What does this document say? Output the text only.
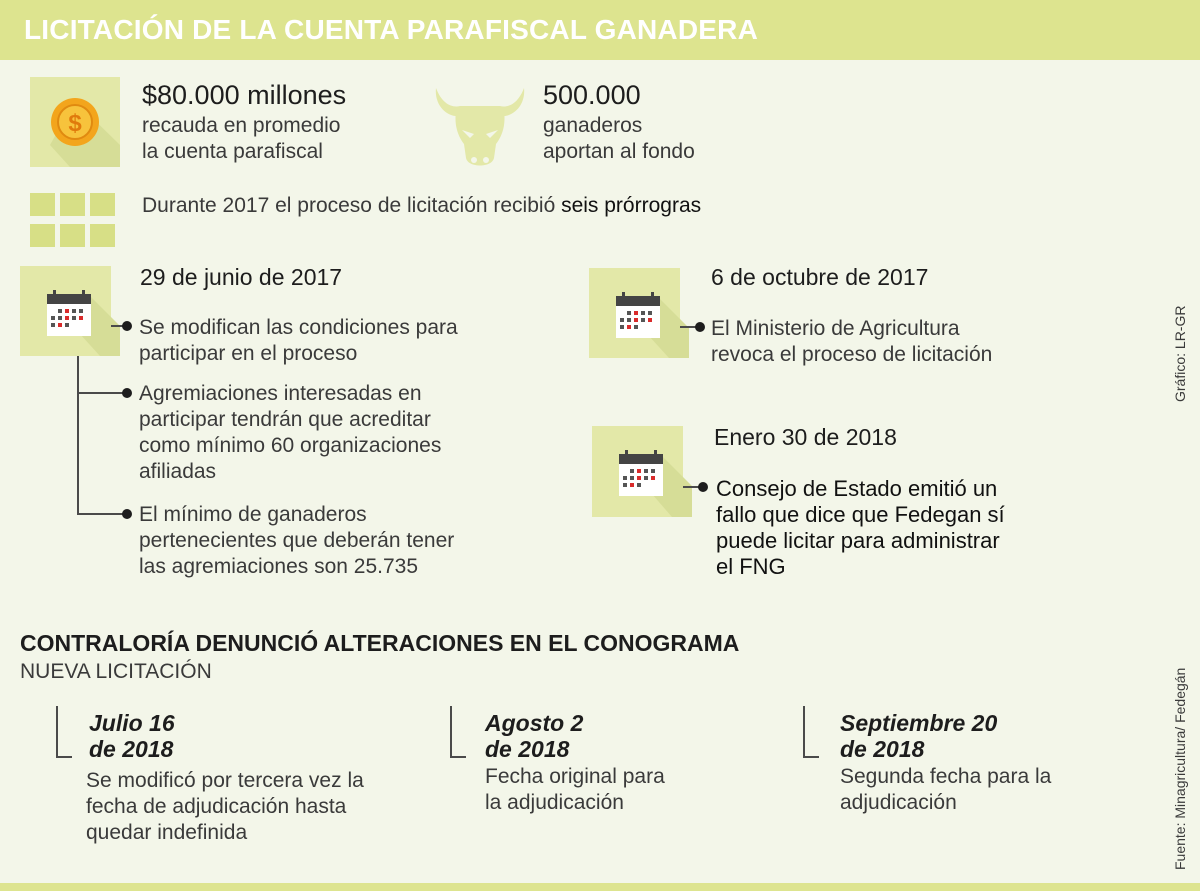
LICITACIÓN DE LA CUENTA PARAFISCAL GANADERA
$
$80.000 millones
recauda en promedio
la cuenta parafiscal
500.000
ganaderos
aportan al fondo
Durante 2017 el proceso de licitación recibió seis prórrogras
29 de junio de 2017
Se modifican las condiciones para
participar en el proceso
Agremiaciones interesadas en
participar tendrán que acreditar
como mínimo 60 organizaciones
afiliadas
El mínimo de ganaderos
pertenecientes que deberán tener
las agremiaciones son 25.735
6 de octubre de 2017
El Ministerio de Agricultura
revoca el proceso de licitación
Enero 30 de 2018
Consejo de Estado emitió un
fallo que dice que Fedegan sí
puede licitar para administrar
el FNG
CONTRALORÍA DENUNCIÓ ALTERACIONES EN EL CONOGRAMA
NUEVA LICITACIÓN
Julio 16
de 2018
Se modificó por tercera vez la
fecha de adjudicación hasta
quedar indefinida
Agosto 2
de 2018
Fecha original para
la adjudicación
Septiembre 20
de 2018
Segunda fecha para la
adjudicación
Gráfico: LR-GR
Fuente: Minagricultura/ Fedegán
